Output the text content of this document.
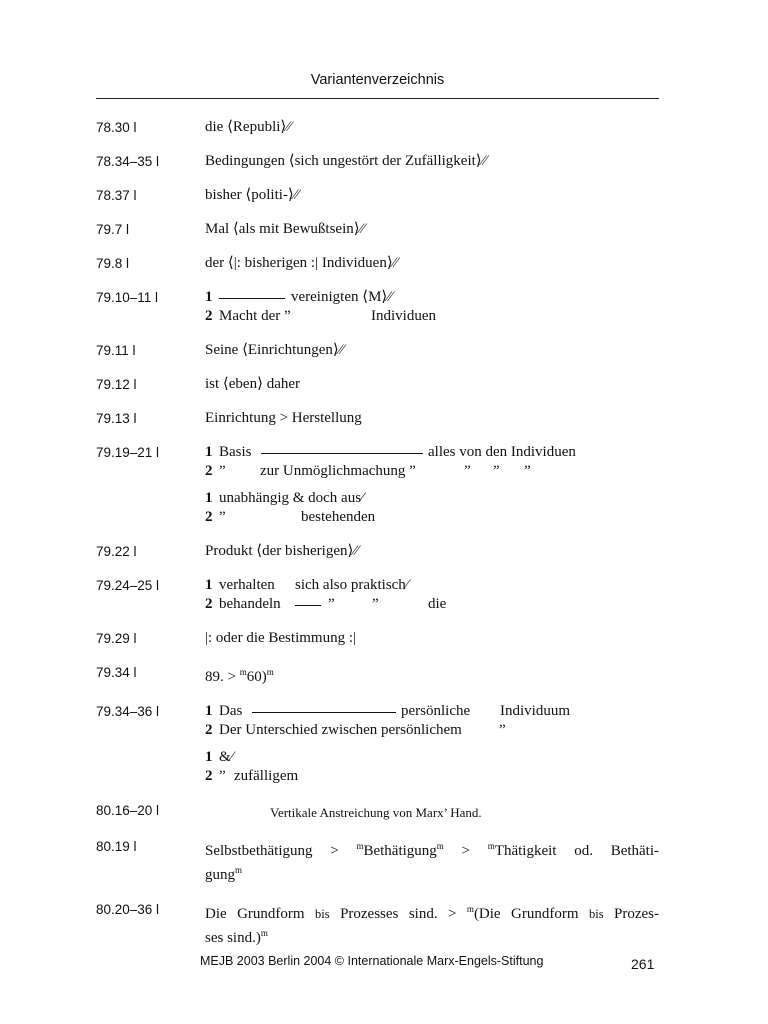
Variantenverzeichnis
78.30 l	die ⟨Republi⟩⁄⁄
78.34–35 l	Bedingungen ⟨sich ungestört der Zufälligkeit⟩⁄⁄
78.37 l	bisher ⟨politi-⟩⁄⁄
79.7 l	Mal ⟨als mit Bewußtsein⟩⁄⁄
79.8 l	der ⟨|: bisherigen :| Individuen⟩⁄⁄
79.10–11 l	1	vereinigten ⟨M⟩⁄⁄
2 Macht der ”	Individuen
79.11 l	Seine ⟨Einrichtungen⟩⁄⁄
79.12 l	ist ⟨eben⟩ daher
79.13 l	Einrichtung > Herstellung
79.19–21 l	1 Basis	alles von den Individuen
2 ” zur Unmöglichmachung ”	” ” ”
1 unabhängig & doch aus⁄
2 ”	bestehenden
79.22 l	Produkt ⟨der bisherigen⟩⁄⁄
79.24–25 l	1 verhalten sich also praktisch⁄
2 behandeln	” ”	die
79.29 l	|: oder die Bestimmung :|
79.34 l	89. > $^m$60)$^m$
79.34–36 l	1 Das	persönliche Individuum
2 Der Unterschied zwischen persönlichem ”
1 &⁄
2 ” zufälligem
80.16–20 l	Vertikale Anstreichung von Marx’ Hand.
80.19 l	Selbstbethätigung > $^m$Bethätigung$^m$ > $^m$Thätigkeit od. Bethäti-
gung$^m$
80.20–36 l	Die Grundform bis Prozesses sind. > $^m$(Die Grundform bis Prozes-
ses sind.)$^m$
MEJB 2003 Berlin 2004 © Internationale Marx-Engels-Stiftung	261
